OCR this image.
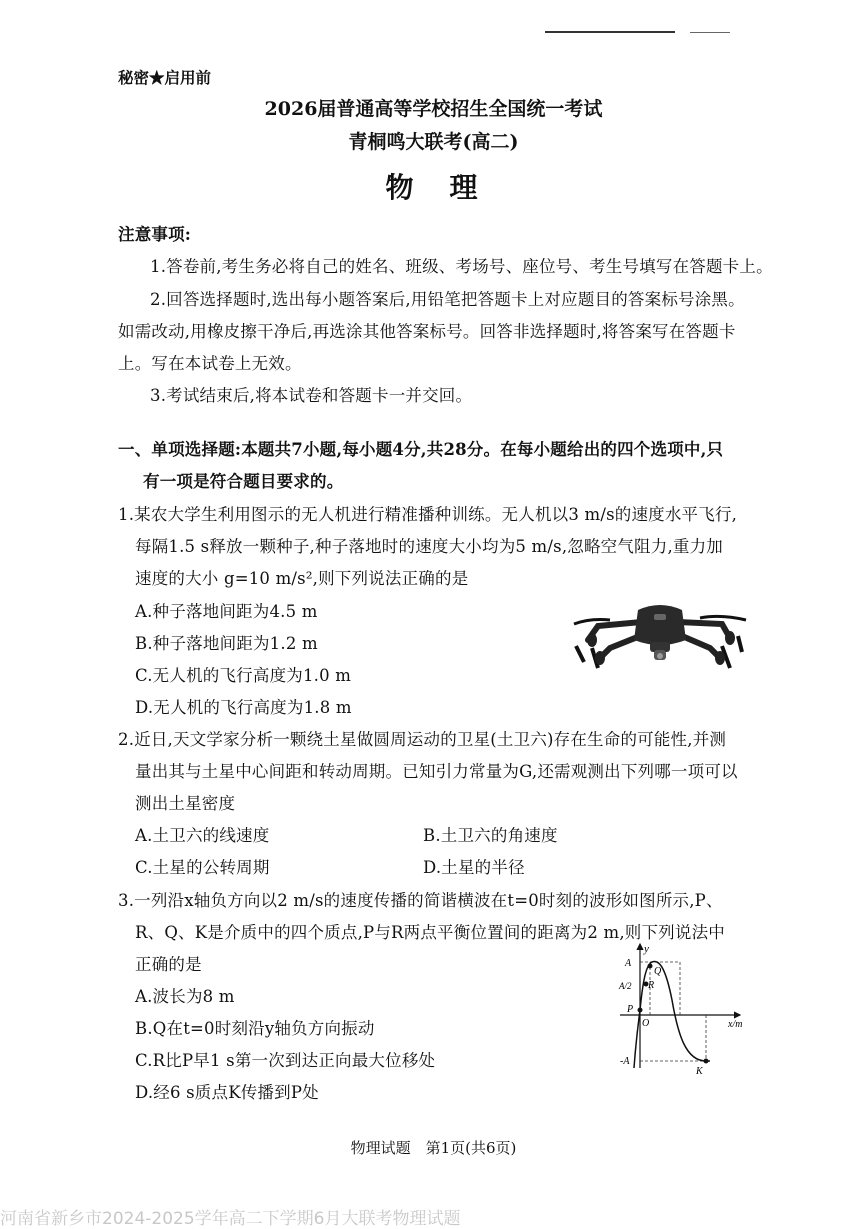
秘密★启用前
2026届普通高等学校招生全国统一考试
青桐鸣大联考(高二)
物　理
注意事项:
1.答卷前,考生务必将自己的姓名、班级、考场号、座位号、考生号填写在答题卡上。
2.回答选择题时,选出每小题答案后,用铅笔把答题卡上对应题目的答案标号涂黑。
如需改动,用橡皮擦干净后,再选涂其他答案标号。回答非选择题时,将答案写在答题卡
上。写在本试卷上无效。
3.考试结束后,将本试卷和答题卡一并交回。
一、单项选择题:本题共7小题,每小题4分,共28分。在每小题给出的四个选项中,只
有一项是符合题目要求的。
1.某农大学生利用图示的无人机进行精准播种训练。无人机以3 m/s的速度水平飞行,
每隔1.5 s释放一颗种子,种子落地时的速度大小均为5 m/s,忽略空气阻力,重力加
速度的大小 g=10 m/s²,则下列说法正确的是
A.种子落地间距为4.5 m
B.种子落地间距为1.2 m
C.无人机的飞行高度为1.0 m
D.无人机的飞行高度为1.8 m
2.近日,天文学家分析一颗绕土星做圆周运动的卫星(土卫六)存在生命的可能性,并测
量出其与土星中心间距和转动周期。已知引力常量为G,还需观测出下列哪一项可以
测出土星密度
A.土卫六的线速度	B.土卫六的角速度
C.土星的公转周期	D.土星的半径
3.一列沿x轴负方向以2 m/s的速度传播的简谐横波在t=0时刻的波形如图所示,P、
R、Q、K是介质中的四个质点,P与R两点平衡位置间的距离为2 m,则下列说法中
正确的是
A.波长为8 m
B.Q在t=0时刻沿y轴负方向振动
C.R比P早1 s第一次到达正向最大位移处
D.经6 s质点K传播到P处
y
x/m
O
A
A/2
-A
P
R
Q
K
物理试题　第1页(共6页)
河南省新乡市2024-2025学年高二下学期6月大联考物理试题
